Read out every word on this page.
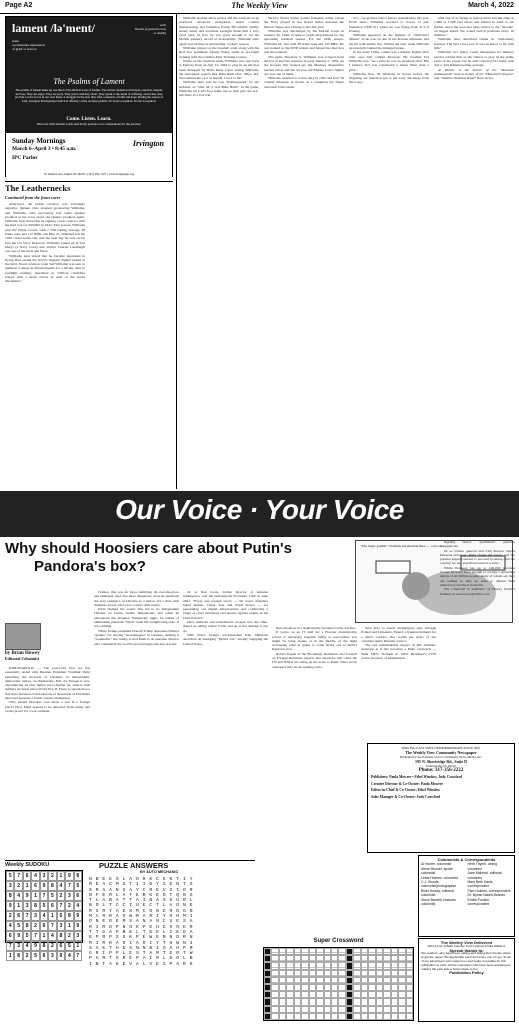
Page A2	The Weekly View	March 4, 2022
lament /lə'ment/
noun
a passionate expression
of grief or sorrow
verb
mourn (a person's loss
or death)
The Psalms of Lament
The psalms of lament make up one third of the biblical book of Psalms. The writers understood betrayal, rejection, despair, and loss. They are angry. They are petty. They grieve and they shout. They speak to the depth of suffering, and in that, they provide a voice for us in our own times of struggle. In the end, they offer a measure of faith and hope. During the season of Lent, Irvington Presbyterian Church is offering a class on these psalms. No book is required. No fee is required.
Come. Listen. Learn.
Discover both ancient words and lively persons to be companions for the journey.
Sunday Mornings
March 6–April 3 • 8:45 a.m.
IPC Parlor
Irvington
55 Johnson Ave, Indpls, IN 46219 • (317) 356-7225 • www.irvingtonpc.org
The Leathernecks
Continued from the front cover

Afterward, the public reaction was extremely negative. Quaker Oats stopped sponsoring Williams, and Williams, who previously had some Quaker products at his store, never ran Quaker products again. Williams took more flak by signing a new contract with the Red Sox for $30,000 in 1942. That season, Williams won the Triple Crown, with a .356 batting average, 36 home runs, and 137 RBIs. On May 21, Williams left his 1930 career home run, and the next day he was sworn into the US Navy Reserves. Williams joined up in San Diego (a Navy town) and aviator Charles Lindbergh was one of his idols and fliers.

Williams later stated that he became interested in flying after seeing the Navy's majestic fighter planes at the field. Naval aviation cadet Ted Williams was sent to Amherst College in Massachusetts for a 90-day stint in preflight training, described as "Officer candidate school with a math course in each of the seven disciplines."

Williams learned about tactics and the weapons as he practiced advanced navigation, aerial combat maneuvering, and formation flying. His athletic ability, steady hand, and excellent eyesight made him a very good pilot. In fact, he was good enough to set the Marine gunnery record at Jacksonville. Williams once again was having an outstanding "rookie" season.

Williams played on the baseball team along with his Red Sox teammate Johnny Pesky while in pre-flight training with the Civilian Pilot Training Course.

While on the baseball team, Williams was sent back to Fenway Park on July 12, 1943 to play in an All-Star team managed by Babe Ruth. Upon seeing Williams, the newspaper reports that Babe Ruth said, "Hiya, kid. You remind me a lot of myself. I love to hit."

Williams later said he was "flabbergasted" by the incident, as "after all, it was Babe Ruth!" In the game, Williams hit a 425-foot home run to help give the A.L. All-Stars to a 9–8 win.

Service World Series games featuring Army versus the Navy played in the World Series between the Detroit Tigers and Chicago Cubs that year.

Williams was discharged by the Marine Corps in January 26, 1946, in time to begin preparations for the upcoming baseball season. For the 1946 season, Williams hit .342 with 38 home runs and 123 RBIs. He was named as the MVP winner and helped the Red Sox win the pennant.

The name Theodore S. Williams was scraped from the list of inactive reserves in early January 5, 1952. As the Korean War heated up, the Marines desperately needed pilots and the 33-year-old Marine Corps fighter ace was one of them.

Williams returned to active duty in 1952 and flew 39 combat missions in Korea as a wingman for future astronaut John Glenn.

N.C., for ground school before transitioning into jets. From there, Williams traveled to Korea to join Squadron VMF-311 where he was flying from K-3 at Pohang.

Williams appeared on the number of "Williams's Misses" as he was on one of his Korean missions, and his hit with enemy fire. Within the next week Williams successfully landed his damaged plane.

In the early 1950s, Glenn was a Marine fighter pilot with over 100 combat missions. He recalled Ted Williams was, "As a pilot he was an excellent pilot. But I believe Ted was considered a better hitter than a pilot."

Williams flew 39 missions in Korea before the lingering ear infection led to his early discharge from the Corps.

with one of us flying at treetop level and the other at 1,000 or 1,500 feet above and behind in order to see further down the road and relay advice to the "shooter" on targets ahead. We would switch positions every 10 minutes."

Williams later described Glenn as "Absolutely fearless. The best I ever saw. It was an honor to fly with him."

Williams' two major career disruptions for military service robbed him of the chance to play in the prime years of his career, but he still collected 521 home runs and a .344 lifetime batting average.

Al Hunter is the author of the "Haunted Indianapolis" and co-author of the "Haunted Irvington" and "Indiana National Road" book series.

Our Voice · Your Voice
Why should Hoosiers care about Putin's
Pandora's box?
"The tragic gambit" Vladimir the Russian Bear — cartoon
by Brian Howey
Editorial Columnist

INDIANAPOLIS — The post-Cold War era has essentially ended with Russian President Vladimir Putin launching the invasion of Ukraine, an independent, democratic nation, on Wednesday, Feb. 23. Europe is now experiencing its first fighter jet-to-fighter jet, tank-to-tank military invasion since World War II. There is speculation a full-style invasion could add tens of thousands of Ukrainian dead and generate a brutal counter insurgency.

Why should Hoosiers care about a war in a foreign place? First, Putin appears to be detached from reality and on the prowl for a war criminal.

Crimea, this was far more rambling, all-over-the-place and unhinged. And also more dangerous. Now he questions the very existence of Ukraine as a nation. It's a man with immense power who's lost contact with reality.

Putin blamed the events that led to its independent Ukraine on Lenin, Stalin, Khrushchev and when he announced the invasion Wednesday night, he talked of eliminating phantom "Nazis" from this neighboring state. It was chilling.

While former president Donald Trump applauded Putin's "genius" for placing "peacekeepers" in Ukraine, terming it "wonderful," the reality is that Putin is an unstable dictator who commands the world's second largest nuclear arsenal.

Or as Dan Coats, former director of national intelligence, told the Indianapolis Economic Club in June 2021, "Every day foreign actors — the worst offenders being Russia, China, Iran and North Korea — are penetrating our digital infrastructure and conducting a range of cyber intrusions and attacks against targets in the United States."

Once malware and ransomware escapes into the ether, there's no telling where it will end up or the damage it can do.

NBC News foreign correspondent Keir Simmons described an emerging "hybrid war" already engaging the United States.

find ourselves in a dramatically escalated cyber warfare.

If you're on an IT staff for a Hoosier municipality, school or university, hospital, utility or corporation, you might be lying awake at in the middle of the night wondering what is going to come flying out of Putin's Pandora's box.

Robert Kagan of the Brookings Institution and Council on Foreign Relations expects that sanctions will cause the US and NATO are rising up the scale to Putin. What we've witnessed may be an opening salvo.

been able to assess Kaliningrad only through Poland and Lithuania. Expect a Russian demand for a direct corridor that would put strips of the countries under Russian control.

The one unmistakable impact of this dramatic incursion is if this becomes a Putin overreach — think LBJ's Vietnam in 1965, Brezhnev's 1979 Soviet invasion of Afghanistan.

fighting brutal, asymmetric guerrilla insurgencies.

Or as former general and CIA director David Petraeus observed, Putin "lacks the troops and the popular support needed to succeed in taking over the country for any significant period of time."

While Petraeus has up to 190,000 invasion troops, he won't have enough to occupy a sprawling nation of 40 million people, many of whom say they are willing to take up arms to defend their democracy and their freedoms.

The columnist is publisher of Howey Politics Indiana at www.howeypolitics.com.

SERVING EAST INDY NEIGHBORHOODS SINCE 2001
The Weekly View Community Newspaper
Published by the Eastside Voice Community News Media, Inc.
195 N. Shortridge Rd., Suite D
Indianapolis IN 46219
Phone: 317-356-2222
Publishers: Paula Mowrer • Ethel Winslow, Judy Crawford
Creative Director & Co-Owner: Paula Mowrer
Editor-in-Chief & Co-Owner: Ethel Winslow
Sales Manager & Co-Owner: Judy Crawford
Weekly SUDOKU	PUZZLE ANSWERS
BY AUTO MECHANIC
5	7	6	4	3	2	1	9	8
3	2	1	6	9	8	4	7	5
8	4	9	1	7	5	2	3	6
9	1	3	8	5	6	7	2	4
2	6	7	3	4	1	5	8	9
4	5	8	2	6	7	3	1	9
6	9	5	7	1	4	8	2	3
7	3	4	9	8	2	6	5	1
1	8	2	5	6	3	9	4	7
N B E E S L A O R K C E K T I Y
R E A C M U T I I D Y S E N T S
S R A A N G A Y C R E V S I O R
N F E R L A T E B K E D T Q N S
T L A B A T T A I N A S S U R L
B O L T C C I U E C T L A O N E
M S R Y A E X M C O N E R D G N
M A R R A O W R A R I Y O H M I
O N E R E M S A N A N C U E S A
R I R D P N O K P E H E S O E R
T T G A P B E L T E E L I E D A
E P R P S S K P E W E R N D R N
M I R R A O I A R I Y T H W N I
S A E T H E S N N N I O A H P R
G R I P P L E S T A R T E R T W
P A R T S R E P A I R L D O L B
I N T A K E V A L V E S P A R K
Super Crossword
Columnists & Correspondents
Al Hunter, columnist
Steve Mowrer, sports columnist
Linda Holmes, columnist
C.J. Woods, columnist/photographer
Brian Howey, editorial columnist
Steve Barnett, features columnist
Herb Thyme, dining columnist
Jane Mahrvel, editorial columnist
Mary Beth Kautz, correspondent
Pam Holmes, correspondent
Dr. Nyvan Naomi-Brands
Emilie Pumkin, correspondent
The Weekly View Delivered
Sheryl Farr & Barb Fletcher Kevin Carroll & Rita Williams
Special thanks to:
Our readers, who have been calling and telling their friends where to get the paper. We appreciate each and every one of you. To all of our advertisers who support us and make it possible for this publication to exist. All the volunteers who have been assisting us making the east side a better place to live.
Publication Policy
